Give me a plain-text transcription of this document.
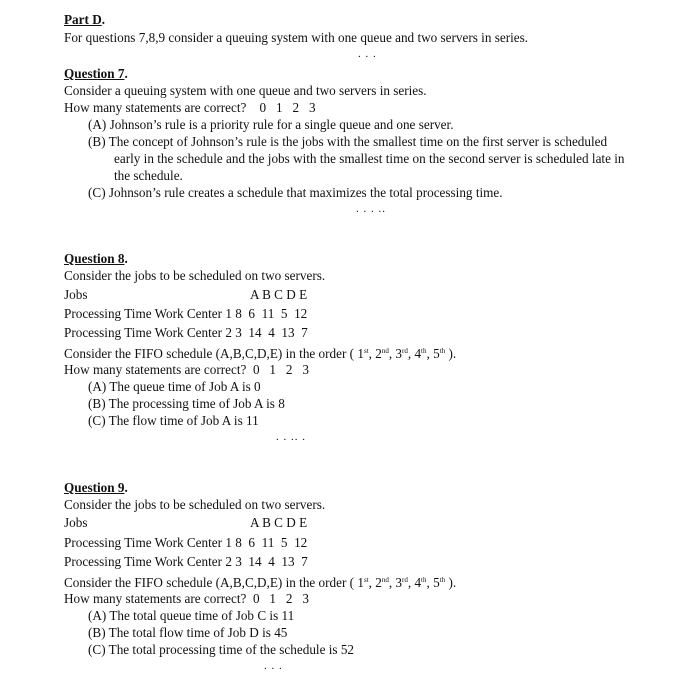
Part D.
For questions 7,8,9 consider a queuing system with one queue and two servers in series.
. . .
Question 7.
Consider a queuing system with one queue and two servers in series.
How many statements are correct?    0   1   2   3
(A) Johnson’s rule is a priority rule for a single queue and one server.
(B) The concept of Johnson’s rule is the jobs with the smallest time on the first server is scheduled
early in the schedule and the jobs with the smallest time on the second server is scheduled late in
the schedule.
(C) Johnson’s rule creates a schedule that maximizes the total processing time.
. . . ..
Question 8.
Consider the jobs to be scheduled on two servers.
Jobs	A B C D E
Processing Time Work Center 1 8  6  11  5  12
Processing Time Work Center 2 3  14  4  13  7
Consider the FIFO schedule (A,B,C,D,E) in the order ( 1st, 2nd, 3rd, 4th, 5th ).
How many statements are correct?  0   1   2   3
(A) The queue time of Job A is 0
(B) The processing time of Job A is 8
(C) The flow time of Job A is 11
. . .. .
Question 9.
Consider the jobs to be scheduled on two servers.
Jobs	A B C D E
Processing Time Work Center 1 8  6  11  5  12
Processing Time Work Center 2 3  14  4  13  7
Consider the FIFO schedule (A,B,C,D,E) in the order ( 1st, 2nd, 3rd, 4th, 5th ).
How many statements are correct?  0   1   2   3
(A) The total queue time of Job C is 11
(B) The total flow time of Job D is 45
(C) The total processing time of the schedule is 52
. . .
